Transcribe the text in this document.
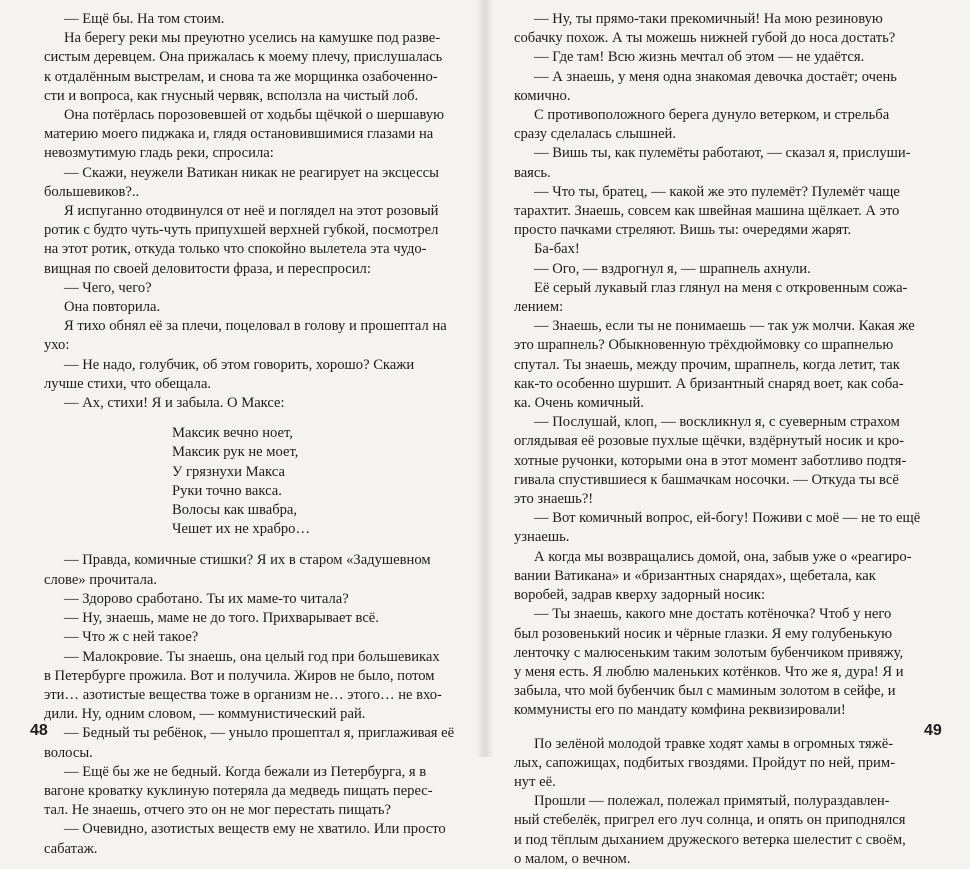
— Ещё бы. На том стоим.

На берегу реки мы преуютно уселись на камушке под разве-

систым деревцем. Она прижалась к моему плечу, прислушалась

к отдалённым выстрелам, и снова та же морщинка озабоченно-

сти и вопроса, как гнусный червяк, всползла на чистый лоб.

Она потёрлась порозовевшей от ходьбы щёчкой о шершавую

материю моего пиджака и, глядя остановившимися глазами на

невозмутимую гладь реки, спросила:

— Скажи, неужели Ватикан никак не реагирует на эксцессы

большевиков?..

Я испуганно отодвинулся от неё и поглядел на этот розовый

ротик с будто чуть-чуть припухшей верхней губкой, посмотрел

на этот ротик, откуда только что спокойно вылетела эта чудо-

вищная по своей деловитости фраза, и переспросил:

— Чего, чего?

Она повторила.

Я тихо обнял её за плечи, поцеловал в голову и прошептал на

ухо:

— Не надо, голубчик, об этом говорить, хорошо? Скажи

лучше стихи, что обещала.

— Ах, стихи! Я и забыла. О Максе:

Максик вечно ноет,
Максик рук не моет,
У грязнухи Макса
Руки точно вакса.
Волосы как швабра,
Чешет их не храбро…

— Правда, комичные стишки? Я их в старом «Задушевном

слове» прочитала.

— Здорово сработано. Ты их маме-то читала?

— Ну, знаешь, маме не до того. Прихварывает всё.

— Что ж с ней такое?

— Малокровие. Ты знаешь, она целый год при большевиках

в Петербурге прожила. Вот и получила. Жиров не было, потом

эти… азотистые вещества тоже в организм не… этого… не вхо-

дили. Ну, одним словом, — коммунистический рай.

— Бедный ты ребёнок, — уныло прошептал я, приглаживая её

волосы.

— Ещё бы же не бедный. Когда бежали из Петербурга, я в

вагоне кроватку куклиную потеряла да медведь пищать перес-

тал. Не знаешь, отчего это он не мог перестать пищать?

— Очевидно, азотистых веществ ему не хватило. Или просто

сабатаж.

— Ну, ты прямо-таки прекомичный! На мою резиновую

собачку похож. А ты можешь нижней губой до носа достать?

— Где там! Всю жизнь мечтал об этом — не удаётся.

— А знаешь, у меня одна знакомая девочка достаёт; очень

комично.

С противоположного берега дунуло ветерком, и стрельба

сразу сделалась слышней.

— Вишь ты, как пулемёты работают, — сказал я, прислуши-

ваясь.

— Что ты, братец, — какой же это пулемёт? Пулемёт чаще

тарахтит. Знаешь, совсем как швейная машина щёлкает. А это

просто пачками стреляют. Вишь ты: очередями жарят.

Ба-бах!

— Ого, — вздрогнул я, — шрапнель ахнули.

Её серый лукавый глаз глянул на меня с откровенным сожа-

лением:

— Знаешь, если ты не понимаешь — так уж молчи. Какая же

это шрапнель? Обыкновенную трёхдюймовку со шрапнелью

спутал. Ты знаешь, между прочим, шрапнель, когда летит, так

как-то особенно шуршит. А бризантный снаряд воет, как соба-

ка. Очень комичный.

— Послушай, клоп, — воскликнул я, с суеверным страхом

оглядывая её розовые пухлые щёчки, вздёрнутый носик и кро-

хотные ручонки, которыми она в этот момент заботливо подтя-

гивала спустившиеся к башмачкам носочки. — Откуда ты всё

это знаешь?!

— Вот комичный вопрос, ей-богу! Поживи с моё — не то ещё

узнаешь.

А когда мы возвращались домой, она, забыв уже о «реагиро-

вании Ватикана» и «бризантных снарядах», щебетала, как

воробей, задрав кверху задорный носик:

— Ты знаешь, какого мне достать котёночка? Чтоб у него

был розовенький носик и чёрные глазки. Я ему голубенькую

ленточку с малюсеньким таким золотым бубенчиком привяжу,

у меня есть. Я люблю маленьких котёнков. Что же я, дура! Я и

забыла, что мой бубенчик был с маминым золотом в сейфе, и

коммунисты его по мандату комфина реквизировали!

По зелёной молодой травке ходят хамы в огромных тяжё-

лых, сапожищах, подбитых гвоздями. Пройдут по ней, прим-

нут её.

Прошли — полежал, полежал примятый, полураздавлен-

ный стебелёк, пригрел его луч солнца, и опять он приподнялся

и под тёплым дыханием дружеского ветерка шелестит с своём,

о малом, о вечном.

48	49
